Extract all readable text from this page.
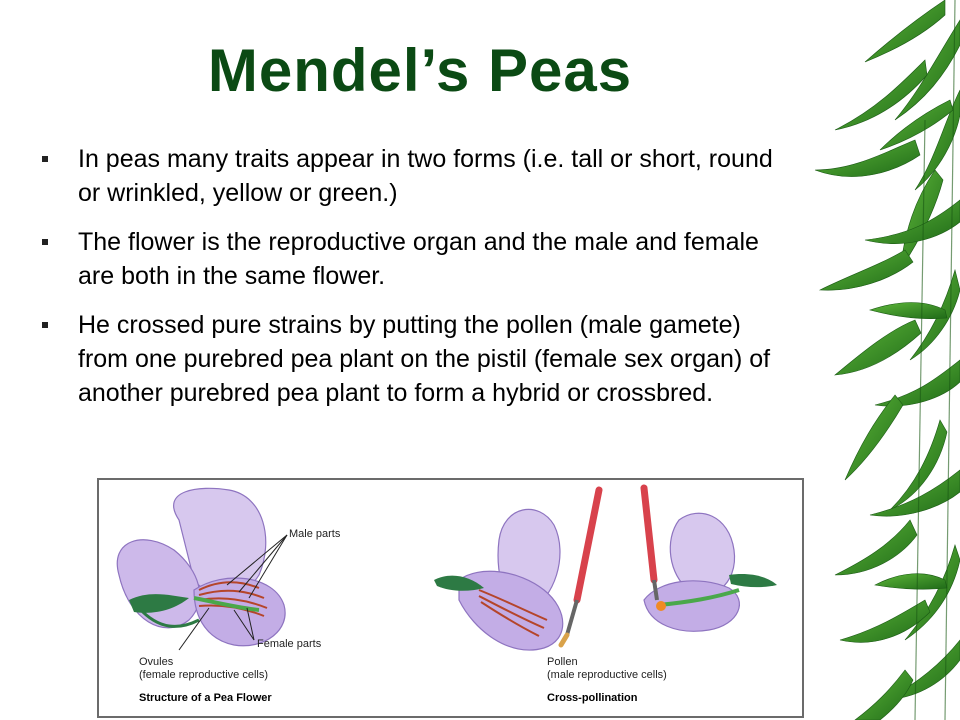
Mendel’s Peas
In peas many traits appear in two forms (i.e. tall or short, round or wrinkled, yellow or green.)
The flower is the reproductive organ and the male and female are both in the same flower.
He crossed pure strains by putting the pollen (male gamete) from one purebred pea plant on the pistil (female sex organ) of another purebred pea plant to form a hybrid or crossbred.
Male parts
Female parts
Ovules
(female reproductive cells)
Pollen
(male reproductive cells)
Structure of a Pea Flower	Cross-pollination
